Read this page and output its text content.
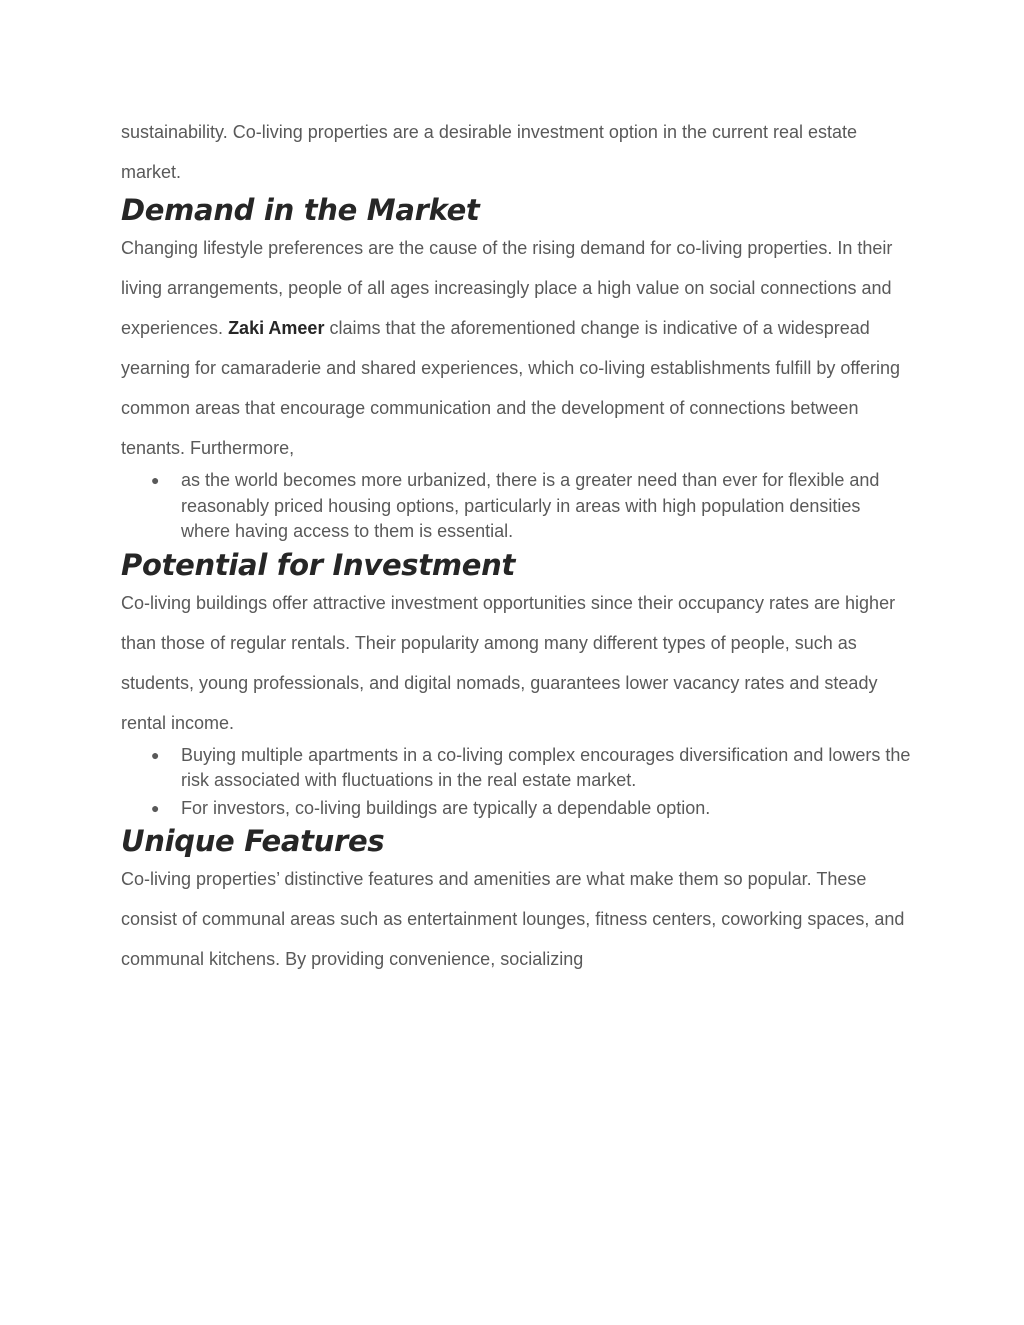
sustainability. Co-living properties are a desirable investment option in the current real estate market.

Demand in the Market

Changing lifestyle preferences are the cause of the rising demand for co-living properties. In their living arrangements, people of all ages increasingly place a high value on social connections and experiences. Zaki Ameer claims that the aforementioned change is indicative of a widespread yearning for camaraderie and shared experiences, which co-living establishments fulfill by offering common areas that encourage communication and the development of connections between tenants. Furthermore,

● as the world becomes more urbanized, there is a greater need than ever for flexible and reasonably priced housing options, particularly in areas with high population densities where having access to them is essential.
Potential for Investment

Co-living buildings offer attractive investment opportunities since their occupancy rates are higher than those of regular rentals. Their popularity among many different types of people, such as students, young professionals, and digital nomads, guarantees lower vacancy rates and steady rental income.

● Buying multiple apartments in a co-living complex encourages diversification and lowers the risk associated with fluctuations in the real estate market.
● For investors, co-living buildings are typically a dependable option.
Unique Features

Co-living properties’ distinctive features and amenities are what make them so popular. These consist of communal areas such as entertainment lounges, fitness centers, coworking spaces, and communal kitchens. By providing convenience, socializing
